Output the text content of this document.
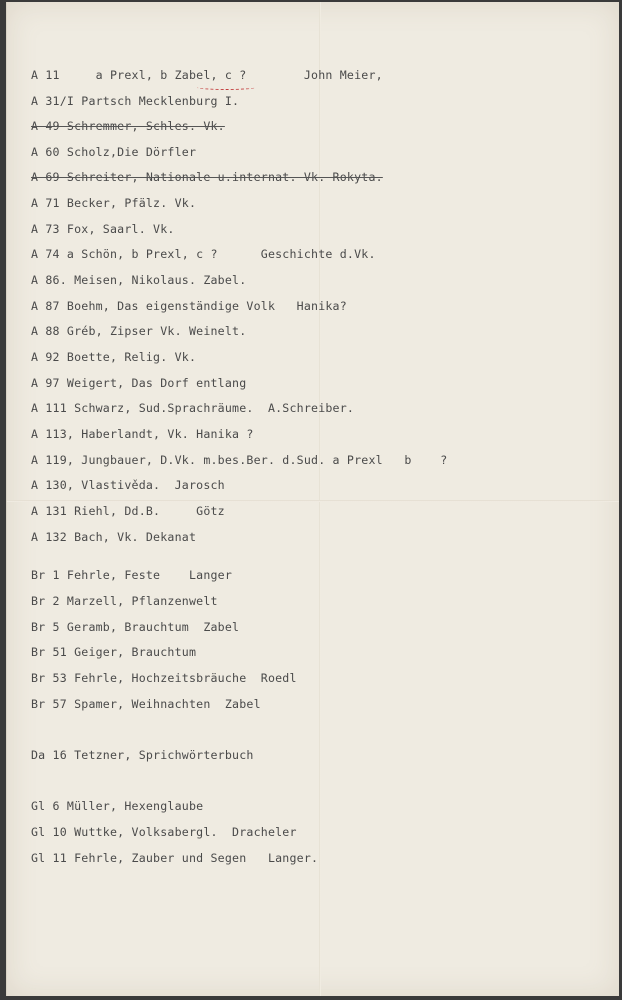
A 11     a Prexl, b Zabel, c ?        John Meier,
A 31/I Partsch Mecklenburg I.
A 49 Schremmer, Schles. Vk.
A 60 Scholz,Die Dörfler
A 69 Schreiter, Nationale u.internat. Vk. Rokyta.
A 71 Becker, Pfälz. Vk.
A 73 Fox, Saarl. Vk.
A 74 a Schön, b Prexl, c ?      Geschichte d.Vk.
A 86. Meisen, Nikolaus. Zabel.
A 87 Boehm, Das eigenständige Volk   Hanika?
A 88 Gréb, Zipser Vk. Weinelt.
A 92 Boette, Relig. Vk.
A 97 Weigert, Das Dorf entlang
A 111 Schwarz, Sud.Sprachräume.  A.Schreiber.
A 113, Haberlandt, Vk. Hanika ?
A 119, Jungbauer, D.Vk. m.bes.Ber. d.Sud. a Prexl   b    ?
A 130, Vlastivěda.  Jarosch
A 131 Riehl, Dd.B.     Götz
A 132 Bach, Vk. Dekanat
Br 1 Fehrle, Feste    Langer
Br 2 Marzell, Pflanzenwelt
Br 5 Geramb, Brauchtum  Zabel
Br 51 Geiger, Brauchtum
Br 53 Fehrle, Hochzeitsbräuche  Roedl
Br 57 Spamer, Weihnachten  Zabel
Da 16 Tetzner, Sprichwörterbuch
Gl 6 Müller, Hexenglaube
Gl 10 Wuttke, Volksabergl.  Dracheler
Gl 11 Fehrle, Zauber und Segen   Langer.
